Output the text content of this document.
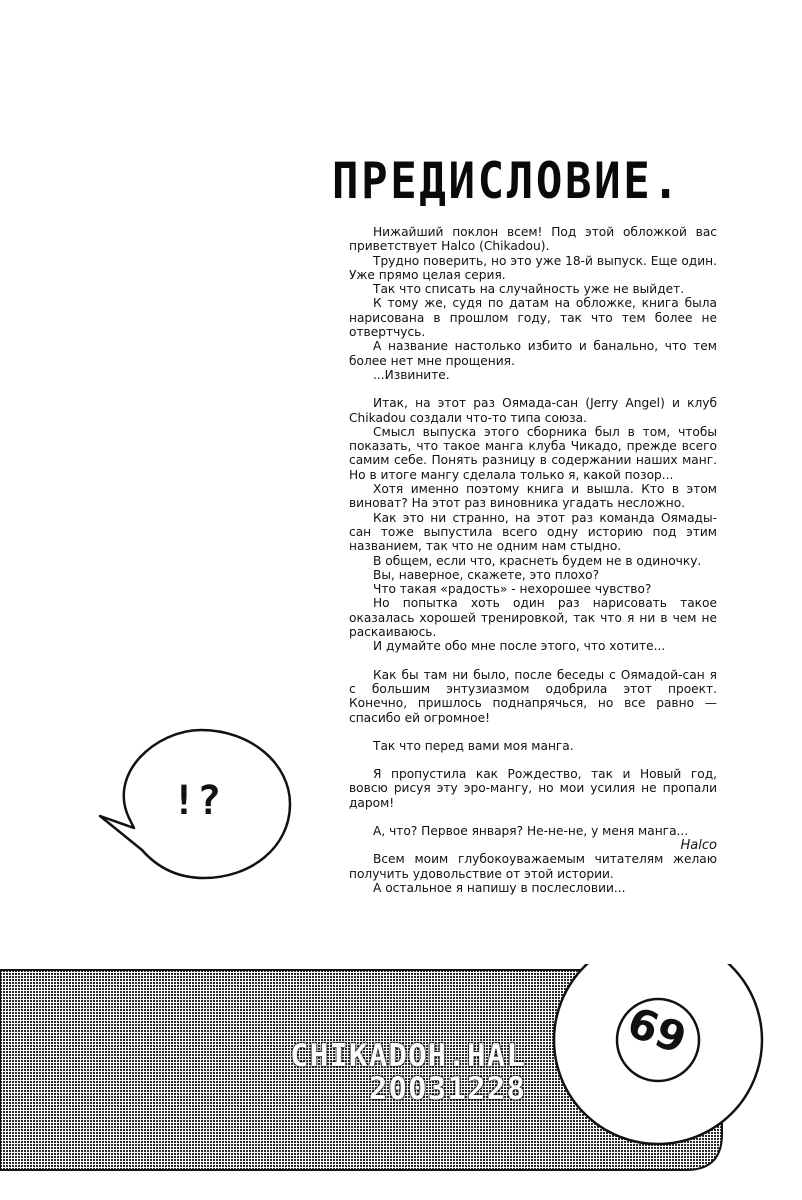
ПРЕДИСЛОВИЕ.

Нижайший поклон всем! Под этой обложкой вас приветствует Halco (Chikadou).

Трудно поверить, но это уже 18-й выпуск. Еще один. Уже прямо целая серия.

Так что списать на случайность уже не выйдет.

К тому же, судя по датам на обложке, книга была нарисована в прошлом году, так что тем более не отвертчусь.

А название настолько избито и банально, что тем более нет мне прощения.

...Извините.

Итак, на этот раз Оямада-сан (Jerry Angel) и клуб Chikadou создали что-то типа союза.

Смысл выпуска этого сборника был в том, чтобы показать, что такое манга клуба Чикадо, прежде всего самим себе. Понять разницу в содержании наших манг. Но в итоге мангу сделала только я, какой позор...

Хотя именно поэтому книга и вышла. Кто в этом виноват? На этот раз виновника угадать несложно.

Как это ни странно, на этот раз команда Оямады-сан тоже выпустила всего одну историю под этим названием, так что не одним нам стыдно.

В общем, если что, краснеть будем не в одиночку.

Вы, наверное, скажете, это плохо?

Что такая «радость» - нехорошее чувство?

Но попытка хоть один раз нарисовать такое оказалась хорошей тренировкой, так что я ни в чем не раскаиваюсь.

И думайте обо мне после этого, что хотите...

Как бы там ни было, после беседы с Оямадой-сан я с большим энтузиазмом одобрила этот проект. Конечно, пришлось поднапрячься, но все равно — спасибо ей огромное!

Так что перед вами моя манга.

Я пропустила как Рождество, так и Новый год, вовсю рисуя эту эро-мангу, но мои усилия не пропали даром!

А, что? Первое января? Не-не-не, у меня манга...

Всем моим глубокоуважаемым читателям желаю получить удовольствие от этой истории.

А остальное я напишу в послесловии...

Halco
!?
69
CHIKADOH.HAL
20031228
